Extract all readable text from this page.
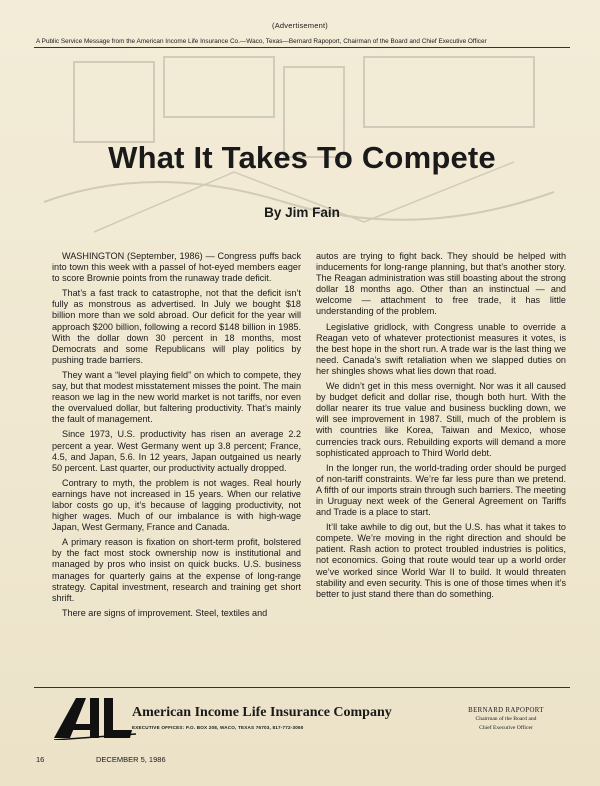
(Advertisement)
A Public Service Message from the American Income Life Insurance Co.—Waco, Texas—Bernard Rapoport, Chairman of the Board and Chief Executive Officer
What It Takes To Compete
By Jim Fain

WASHINGTON (September, 1986) — Congress puffs back into town this week with a passel of hot-eyed members eager to score Brownie points from the runaway trade deficit.

That’s a fast track to catastrophe, not that the deficit isn’t fully as monstrous as advertised. In July we bought $18 billion more than we sold abroad. Our deficit for the year will approach $200 billion, following a record $148 billion in 1985. With the dollar down 30 percent in 18 months, most Democrats and some Republicans will play politics by pushing trade barriers.

They want a “level playing field” on which to compete, they say, but that modest misstatement misses the point. The main reason we lag in the new world market is not tariffs, nor even the overvalued dollar, but faltering productivity. That’s mainly the fault of management.

Since 1973, U.S. productivity has risen an average 2.2 percent a year. West Germany went up 3.8 percent; France, 4.5, and Japan, 5.6. In 12 years, Japan outgained us nearly 50 percent. Last quarter, our productivity actually dropped.

Contrary to myth, the problem is not wages. Real hourly earnings have not increased in 15 years. When our relative labor costs go up, it’s because of lagging productivity, not higher wages. Much of our imbalance is with high-wage Japan, West Germany, France and Canada.

A primary reason is fixation on short-term profit, bolstered by the fact most stock ownership now is institutional and managed by pros who insist on quick bucks. U.S. business manages for quarterly gains at the expense of long-range strategy. Capital investment, research and training get short shrift.

There are signs of improvement. Steel, textiles and

autos are trying to fight back. They should be helped with inducements for long-range planning, but that’s another story. The Reagan administration was still boasting about the strong dollar 18 months ago. Other than an instinctual — and welcome — attachment to free trade, it has little understanding of the problem.

Legislative gridlock, with Congress unable to override a Reagan veto of whatever protectionist measures it votes, is the best hope in the short run. A trade war is the last thing we need. Canada’s swift retaliation when we slapped duties on her shingles shows what lies down that road.

We didn’t get in this mess overnight. Nor was it all caused by budget deficit and dollar rise, though both hurt. With the dollar nearer its true value and business buckling down, we will see improvement in 1987. Still, much of the problem is with countries like Korea, Taiwan and Mexico, whose currencies track ours. Rebuilding exports will demand a more sophisticated approach to Third World debt.

In the longer run, the world-trading order should be purged of non-tariff constraints. We’re far less pure than we pretend. A fifth of our imports strain through such barriers. The meeting in Uruguay next week of the General Agreement on Tariffs and Trade is a place to start.

It’ll take awhile to dig out, but the U.S. has what it takes to compete. We’re moving in the right direction and should be patient. Rash action to protect troubled industries is politics, not economics. Going that route would tear up a world order we’ve worked since World War II to build. It would threaten stability and even security. This is one of those times when it’s better to just stand there than do something.

American Income Life Insurance Company
EXECUTIVE OFFICES: P.O. BOX 208, WACO, TEXAS 76703, 817-772-3050
BERNARD RAPOPORT
Chairman of the Board and
Chief Executive Officer
16	DECEMBER 5, 1986
